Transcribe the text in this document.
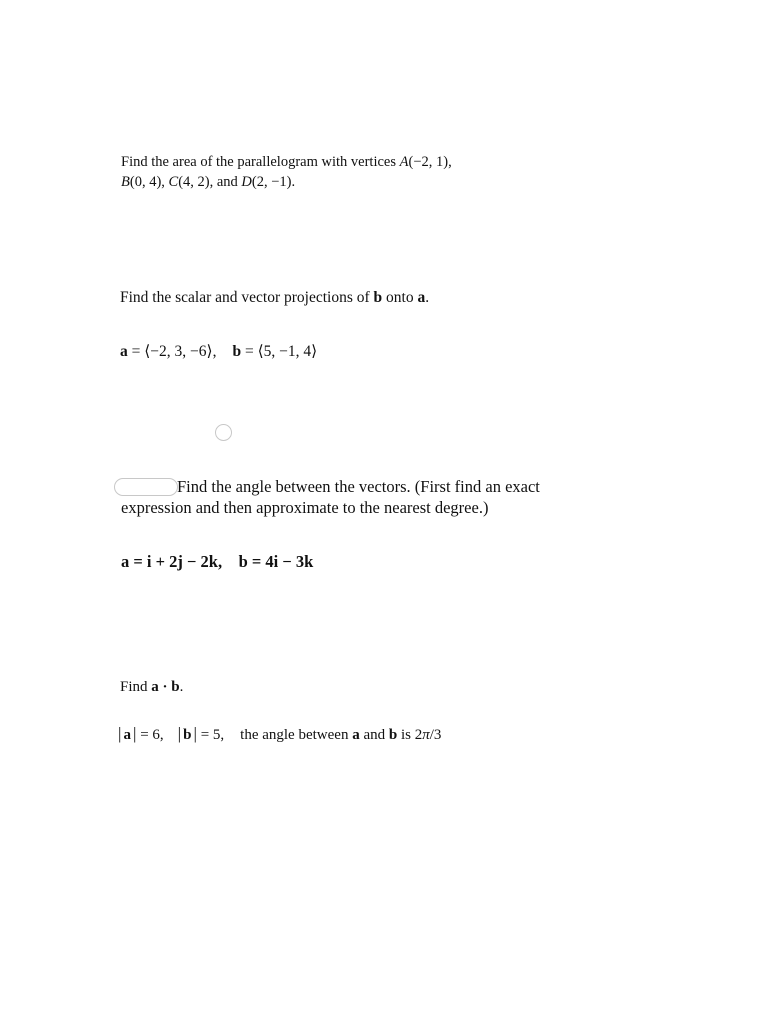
Find the area of the parallelogram with vertices A(−2, 1),
B(0, 4), C(4, 2), and D(2, −1).
Find the scalar and vector projections of b onto a.
a = ⟨−2, 3, −6⟩, b = ⟨5, −1, 4⟩
Find the angle between the vectors. (First find an exact
expression and then approximate to the nearest degree.)
a = i + 2j − 2k,    b = 4i − 3k
Find a · b.
| a | = 6, | b | = 5, the angle between a and b is 2π/3
